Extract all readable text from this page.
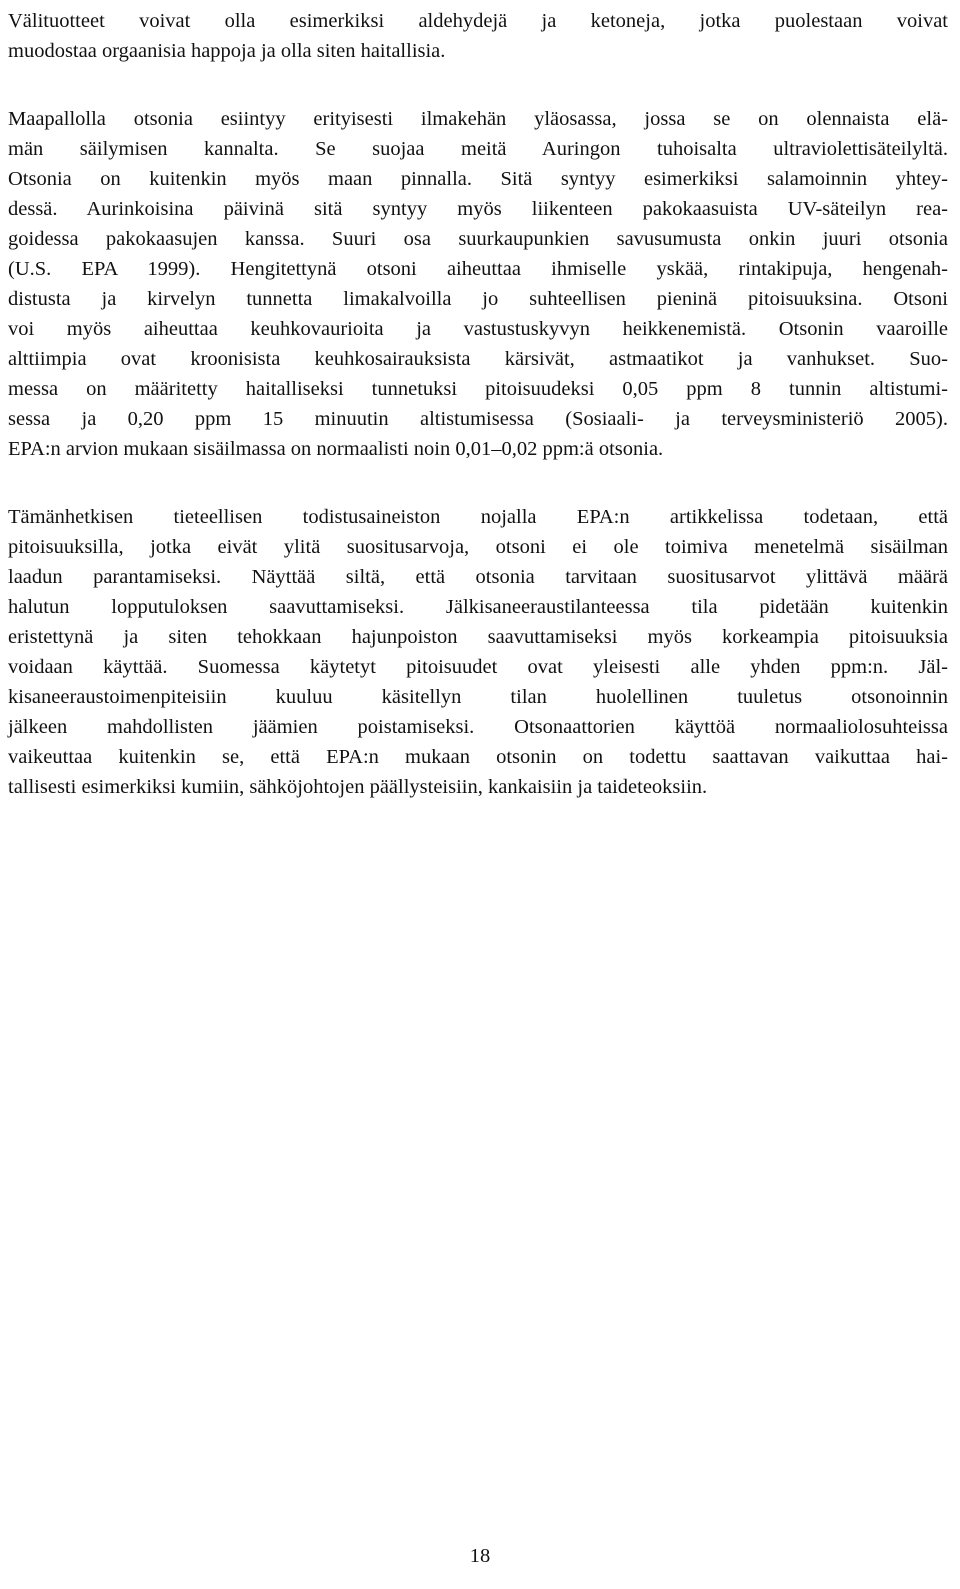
Välituotteet voivat olla esimerkiksi aldehydejä ja ketoneja, jotka puolestaan voivat
muodostaa orgaanisia happoja ja olla siten haitallisia.
Maapallolla otsonia esiintyy erityisesti ilmakehän yläosassa, jossa se on olennaista elä-
män säilymisen kannalta. Se suojaa meitä Auringon tuhoisalta ultraviolettisäteilyltä.
Otsonia on kuitenkin myös maan pinnalla. Sitä syntyy esimerkiksi salamoinnin yhtey-
dessä. Aurinkoisina päivinä sitä syntyy myös liikenteen pakokaasuista UV-säteilyn rea-
goidessa pakokaasujen kanssa. Suuri osa suurkaupunkien savusumusta onkin juuri otsonia
(U.S. EPA 1999). Hengitettynä otsoni aiheuttaa ihmiselle yskää, rintakipuja, hengenah-
distusta ja kirvelyn tunnetta limakalvoilla jo suhteellisen pieninä pitoisuuksina. Otsoni
voi myös aiheuttaa keuhkovaurioita ja vastustuskyvyn heikkenemistä. Otsonin vaaroille
alttiimpia ovat kroonisista keuhkosairauksista kärsivät, astmaatikot ja vanhukset. Suo-
messa on määritetty haitalliseksi tunnetuksi pitoisuudeksi 0,05 ppm 8 tunnin altistumi-
sessa ja 0,20 ppm 15 minuutin altistumisessa (Sosiaali- ja terveysministeriö 2005).
EPA:n arvion mukaan sisäilmassa on normaalisti noin 0,01–0,02 ppm:ä otsonia.
Tämänhetkisen tieteellisen todistusaineiston nojalla EPA:n artikkelissa todetaan, että
pitoisuuksilla, jotka eivät ylitä suositusarvoja, otsoni ei ole toimiva menetelmä sisäilman
laadun parantamiseksi. Näyttää siltä, että otsonia tarvitaan suositusarvot ylittävä määrä
halutun lopputuloksen saavuttamiseksi. Jälkisaneeraustilanteessa tila pidetään kuitenkin
eristettynä ja siten tehokkaan hajunpoiston saavuttamiseksi myös korkeampia pitoisuuksia
voidaan käyttää. Suomessa käytetyt pitoisuudet ovat yleisesti alle yhden ppm:n. Jäl-
kisaneeraustoimenpiteisiin kuuluu käsitellyn tilan huolellinen tuuletus otsonoinnin
jälkeen mahdollisten jäämien poistamiseksi. Otsonaattorien käyttöä normaaliolosuhteissa
vaikeuttaa kuitenkin se, että EPA:n mukaan otsonin on todettu saattavan vaikuttaa hai-
tallisesti esimerkiksi kumiin, sähköjohtojen päällysteisiin, kankaisiin ja taideteoksiin.
18
